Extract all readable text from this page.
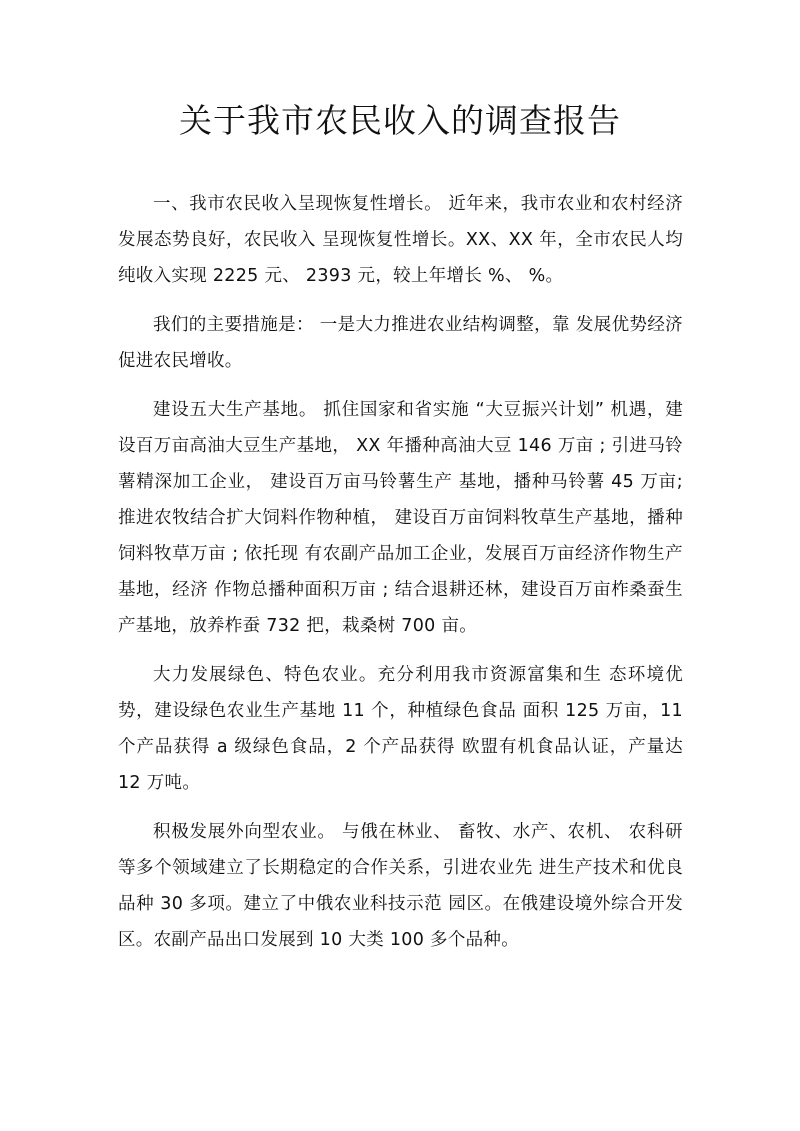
关于我市农民收入的调查报告

一、我市农民收入呈现恢复性增长。 近年来，我市农业和农村经济发展态势良好，农民收入 呈现恢复性增长。XX、XX 年，全市农民人均纯收入实现 2225 元、 2393 元，较上年增长 %、 %。

我们的主要措施是： 一是大力推进农业结构调整，靠 发展优势经济促进农民增收。

建设五大生产基地。 抓住国家和省实施 “大豆振兴计划” 机遇，建设百万亩高油大豆生产基地， XX 年播种高油大豆 146 万亩 ; 引进马铃薯精深加工企业， 建设百万亩马铃薯生产 基地，播种马铃薯 45 万亩; 推进农牧结合扩大饲料作物种植， 建设百万亩饲料牧草生产基地，播种饲料牧草万亩 ; 依托现 有农副产品加工企业，发展百万亩经济作物生产基地，经济 作物总播种面积万亩 ; 结合退耕还林，建设百万亩柞桑蚕生 产基地，放养柞蚕 732 把，栽桑树 700 亩。

大力发展绿色、特色农业。充分利用我市资源富集和生 态环境优势，建设绿色农业生产基地 11 个，种植绿色食品 面积 125 万亩，11 个产品获得 a 级绿色食品，2 个产品获得 欧盟有机食品认证，产量达 12 万吨。

积极发展外向型农业。 与俄在林业、 畜牧、水产、农机、 农科研等多个领域建立了长期稳定的合作关系，引进农业先 进生产技术和优良品种 30 多项。建立了中俄农业科技示范 园区。在俄建设境外综合开发区。农副产品出口发展到 10 大类 100 多个品种。
